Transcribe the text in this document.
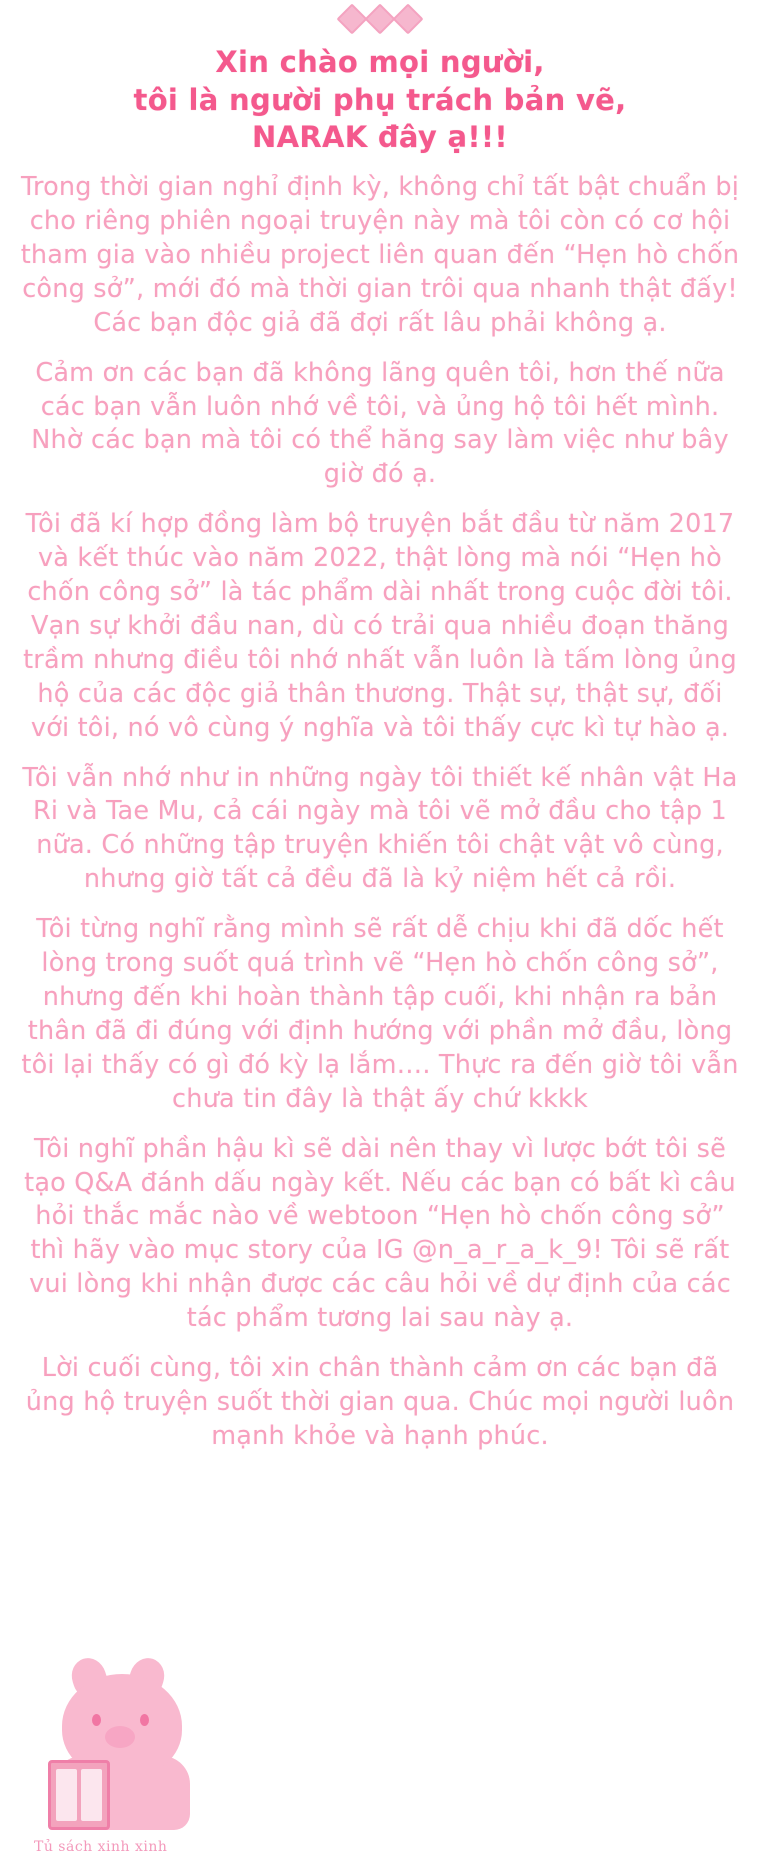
Xin chào mọi người,
tôi là người phụ trách bản vẽ,
NARAK đây ạ!!!

Trong thời gian nghỉ định kỳ, không chỉ tất bật chuẩn bị cho riêng phiên ngoại truyện này mà tôi còn có cơ hội tham gia vào nhiều project liên quan đến “Hẹn hò chốn công sở”, mới đó mà thời gian trôi qua nhanh thật đấy! Các bạn độc giả đã đợi rất lâu phải không ạ.

Cảm ơn các bạn đã không lãng quên tôi, hơn thế nữa các bạn vẫn luôn nhớ về tôi, và ủng hộ tôi hết mình. Nhờ các bạn mà tôi có thể hăng say làm việc như bây giờ đó ạ.

Tôi đã kí hợp đồng làm bộ truyện bắt đầu từ năm 2017 và kết thúc vào năm 2022, thật lòng mà nói “Hẹn hò chốn công sở” là tác phẩm dài nhất trong cuộc đời tôi. Vạn sự khởi đầu nan, dù có trải qua nhiều đoạn thăng trầm nhưng điều tôi nhớ nhất vẫn luôn là tấm lòng ủng hộ của các độc giả thân thương. Thật sự, thật sự, đối với tôi, nó vô cùng ý nghĩa và tôi thấy cực kì tự hào ạ.

Tôi vẫn nhớ như in những ngày tôi thiết kế nhân vật Ha Ri và Tae Mu, cả cái ngày mà tôi vẽ mở đầu cho tập 1 nữa. Có những tập truyện khiến tôi chật vật vô cùng, nhưng giờ tất cả đều đã là kỷ niệm hết cả rồi.

Tôi từng nghĩ rằng mình sẽ rất dễ chịu khi đã dốc hết lòng trong suốt quá trình vẽ “Hẹn hò chốn công sở”, nhưng đến khi hoàn thành tập cuối, khi nhận ra bản thân đã đi đúng với định hướng với phần mở đầu, lòng tôi lại thấy có gì đó kỳ lạ lắm…. Thực ra đến giờ tôi vẫn chưa tin đây là thật ấy chứ kkkk

Tôi nghĩ phần hậu kì sẽ dài nên thay vì lược bớt tôi sẽ tạo Q&A đánh dấu ngày kết. Nếu các bạn có bất kì câu hỏi thắc mắc nào về webtoon “Hẹn hò chốn công sở” thì hãy vào mục story của IG @n_a_r_a_k_9! Tôi sẽ rất vui lòng khi nhận được các câu hỏi về dự định của các tác phẩm tương lai sau này ạ.

Lời cuối cùng, tôi xin chân thành cảm ơn các bạn đã ủng hộ truyện suốt thời gian qua. Chúc mọi người luôn mạnh khỏe và hạnh phúc.

Tủ sách xinh xinh
